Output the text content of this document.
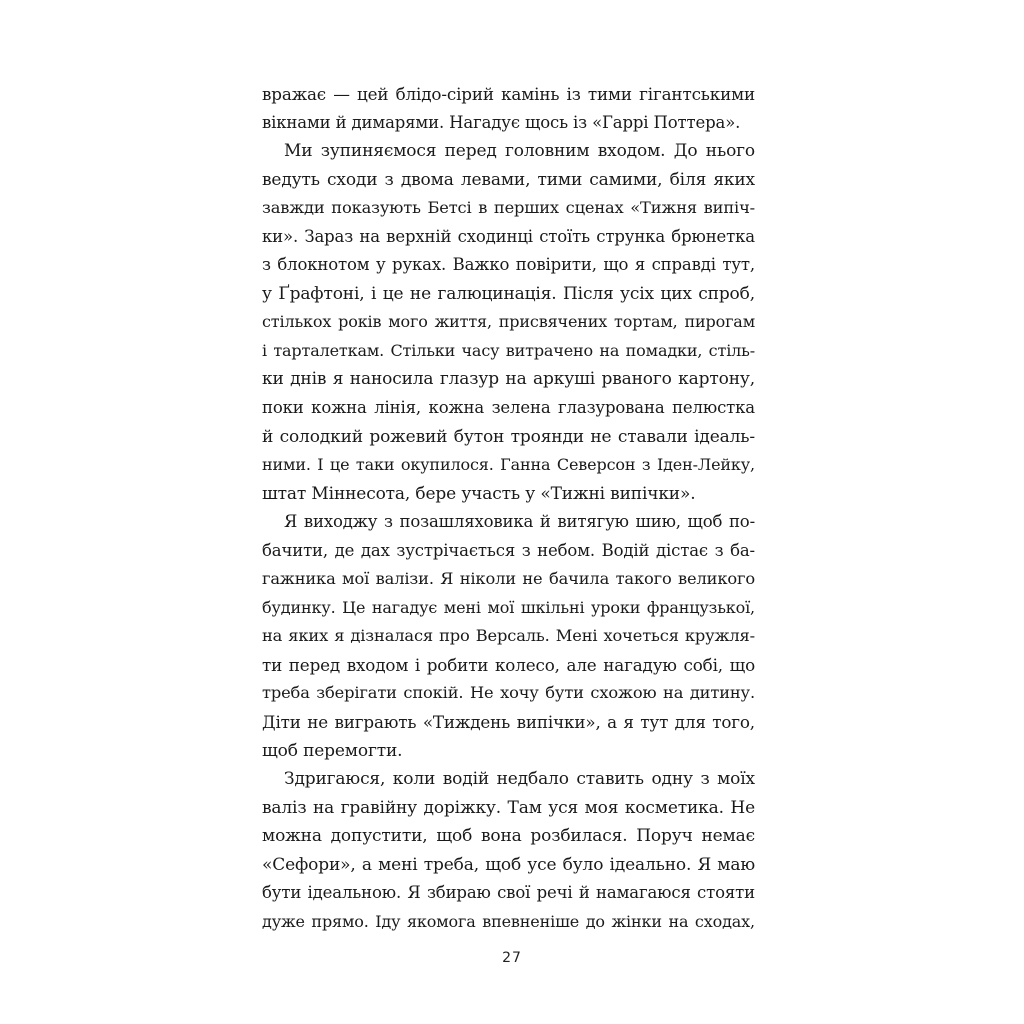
вражає — цей блідо-сірий камінь із тими гігантськими
вікнами й димарями. Нагадує щось із «Гаррі Поттера».
Ми зупиняємося перед головним входом. До нього
ведуть сходи з двома левами, тими самими, біля яких
завжди показують Бетсі в перших сценах «Тижня випіч-
ки». Зараз на верхній сходинці стоїть струнка брюнетка
з блокнотом у руках. Важко повірити, що я справді тут,
у Ґрафтоні, і це не галюцинація. Після усіх цих спроб,
стількох років мого життя, присвячених тортам, пирогам
і тарталеткам. Стільки часу витрачено на помадки, стіль-
ки днів я наносила глазур на аркуші рваного картону,
поки кожна лінія, кожна зелена глазурована пелюстка
й солодкий рожевий бутон троянди не ставали ідеаль-
ними. І це таки окупилося. Ганна Северсон з Іден-Лейку,
штат Міннесота, бере участь у «Тижні випічки».
Я виходжу з позашляховика й витягую шию, щоб по-
бачити, де дах зустрічається з небом. Водій дістає з ба-
гажника мої валізи. Я ніколи не бачила такого великого
будинку. Це нагадує мені мої шкільні уроки французької,
на яких я дізналася про Версаль. Мені хочеться кружля-
ти перед входом і робити колесо, але нагадую собі, що
треба зберігати спокій. Не хочу бути схожою на дитину.
Діти не виграють «Тиждень випічки», а я тут для того,
щоб перемогти.
Здригаюся, коли водій недбало ставить одну з моїх
валіз на гравійну доріжку. Там уся моя косметика. Не
можна допустити, щоб вона розбилася. Поруч немає
«Сефори», а мені треба, щоб усе було ідеально. Я маю
бути ідеальною. Я збираю свої речі й намагаюся стояти
дуже прямо. Іду якомога впевненіше до жінки на сходах,
27
